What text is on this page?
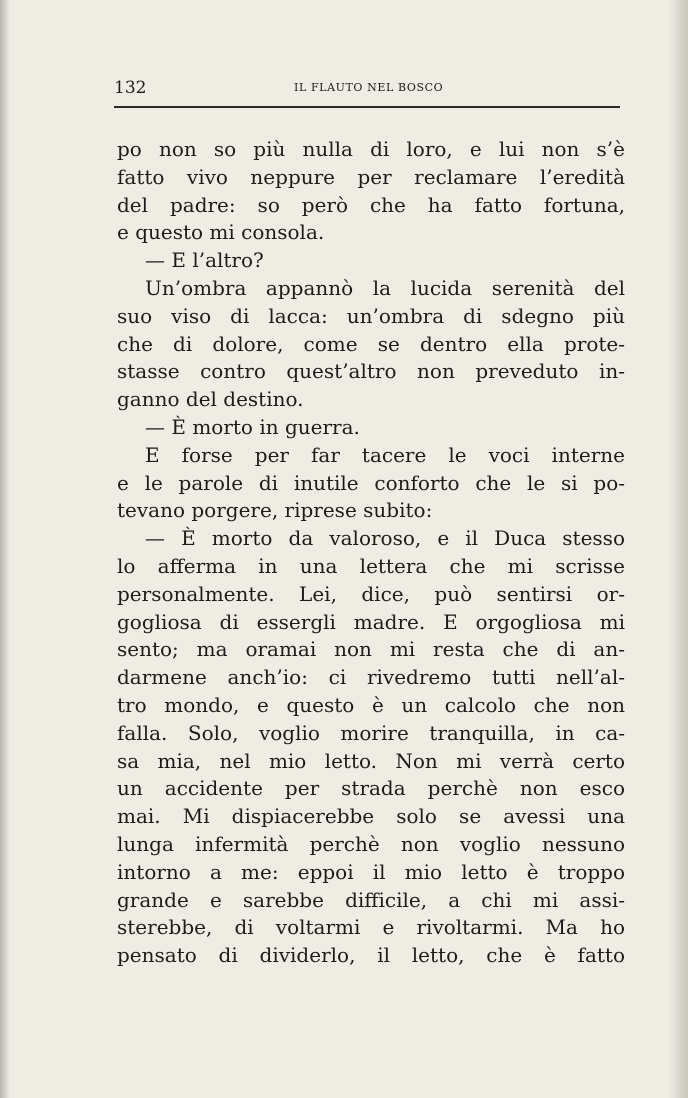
132	IL FLAUTO NEL BOSCO
po non so più nulla di loro, e lui non s’è
fatto vivo neppure per reclamare l’eredità
del padre: so però che ha fatto fortuna,
e questo mi consola.
— E l’altro?
Un’ombra appannò la lucida serenità del
suo viso di lacca: un’ombra di sdegno più
che di dolore, come se dentro ella prote-
stasse contro quest’altro non preveduto in-
ganno del destino.
— È morto in guerra.
E forse per far tacere le voci interne
e le parole di inutile conforto che le si po-
tevano porgere, riprese subito:
— È morto da valoroso, e il Duca stesso
lo afferma in una lettera che mi scrisse
personalmente. Lei, dice, può sentirsi or-
gogliosa di essergli madre. E orgogliosa mi
sento; ma oramai non mi resta che di an-
darmene anch’io: ci rivedremo tutti nell’al-
tro mondo, e questo è un calcolo che non
falla. Solo, voglio morire tranquilla, in ca-
sa mia, nel mio letto. Non mi verrà certo
un accidente per strada perchè non esco
mai. Mi dispiacerebbe solo se avessi una
lunga infermità perchè non voglio nessuno
intorno a me: eppoi il mio letto è troppo
grande e sarebbe difficile, a chi mi assi-
sterebbe, di voltarmi e rivoltarmi. Ma ho
pensato di dividerlo, il letto, che è fatto
